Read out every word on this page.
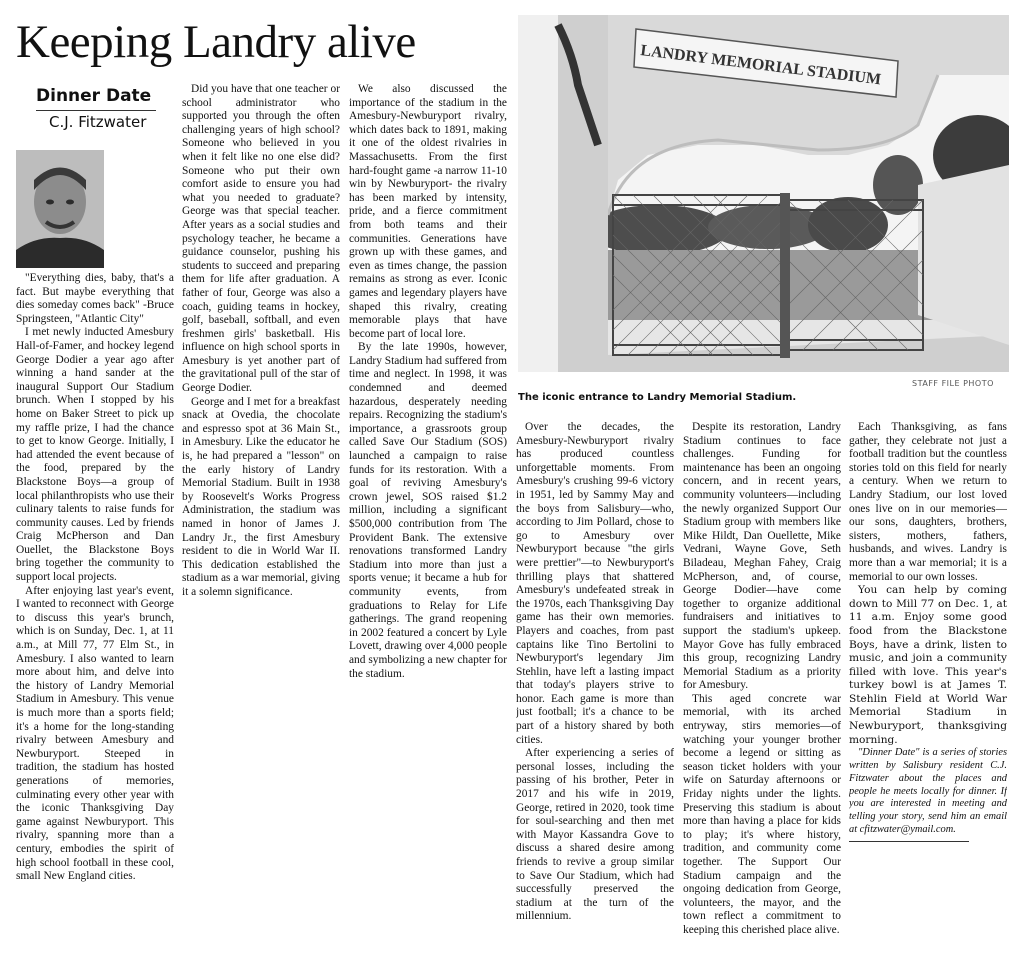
Keeping Landry alive
Dinner Date
C.J. Fitzwater
LANDRY MEMORIAL STADIUM
STAFF FILE PHOTO
The iconic entrance to Landry Memorial Stadium.

"Everything dies, baby, that's a fact. But maybe everything that dies someday comes back" -Bruce Springsteen, "Atlantic City"

I met newly inducted Amesbury Hall-of-Famer, and hockey legend George Dodier a year ago after winning a hand sander at the inaugural Support Our Stadium brunch. When I stopped by his home on Baker Street to pick up my raffle prize, I had the chance to get to know George. Initially, I had attended the event because of the food, prepared by the Blackstone Boys—a group of local philanthropists who use their culinary talents to raise funds for community causes. Led by friends Craig McPherson and Dan Ouellet, the Blackstone Boys bring together the community to support local projects.

After enjoying last year's event, I wanted to reconnect with George to discuss this year's brunch, which is on Sunday, Dec. 1, at 11 a.m., at Mill 77, 77 Elm St., in Amesbury. I also wanted to learn more about him, and delve into the history of Landry Memorial Stadium in Amesbury. This venue is much more than a sports field; it's a home for the long-standing rivalry between Amesbury and Newburyport. Steeped in tradition, the stadium has hosted generations of memories, culminating every other year with the iconic Thanksgiving Day game against Newburyport. This rivalry, spanning more than a century, embodies the spirit of high school football in these cool, small New England cities.

Did you have that one teacher or school administrator who supported you through the often challenging years of high school? Someone who believed in you when it felt like no one else did? Someone who put their own comfort aside to ensure you had what you needed to graduate? George was that special teacher. After years as a social studies and psychology teacher, he became a guidance counselor, pushing his students to succeed and preparing them for life after graduation. A father of four, George was also a coach, guiding teams in hockey, golf, baseball, softball, and even freshmen girls' basketball. His influence on high school sports in Amesbury is yet another part of the gravitational pull of the star of George Dodier.

George and I met for a breakfast snack at Ovedia, the chocolate and espresso spot at 36 Main St., in Amesbury. Like the educator he is, he had prepared a "lesson" on the early history of Landry Memorial Stadium. Built in 1938 by Roosevelt's Works Progress Administration, the stadium was named in honor of James J. Landry Jr., the first Amesbury resident to die in World War II. This dedication established the stadium as a war memorial, giving it a solemn significance.

We also discussed the importance of the stadium in the Amesbury-Newburyport rivalry, which dates back to 1891, making it one of the oldest rivalries in Massachusetts. From the first hard-fought game -a narrow 11-10 win by Newburyport- the rivalry has been marked by intensity, pride, and a fierce commitment from both teams and their communities. Generations have grown up with these games, and even as times change, the passion remains as strong as ever. Iconic games and legendary players have shaped this rivalry, creating memorable plays that have become part of local lore.

By the late 1990s, however, Landry Stadium had suffered from time and neglect. In 1998, it was condemned and deemed hazardous, desperately needing repairs. Recognizing the stadium's importance, a grassroots group called Save Our Stadium (SOS) launched a campaign to raise funds for its restoration. With a goal of reviving Amesbury's crown jewel, SOS raised $1.2 million, including a significant $500,000 contribution from The Provident Bank. The extensive renovations transformed Landry Stadium into more than just a sports venue; it became a hub for community events, from graduations to Relay for Life gatherings. The grand reopening in 2002 featured a concert by Lyle Lovett, drawing over 4,000 people and symbolizing a new chapter for the stadium.

Over the decades, the Amesbury-Newburyport rivalry has produced countless unforgettable moments. From Amesbury's crushing 99-6 victory in 1951, led by Sammy May and the boys from Salisbury—who, according to Jim Pollard, chose to go to Amesbury over Newburyport because "the girls were prettier"—to Newburyport's thrilling plays that shattered Amesbury's undefeated streak in the 1970s, each Thanksgiving Day game has their own memories. Players and coaches, from past captains like Tino Bertolini to Newburyport's legendary Jim Stehlin, have left a lasting impact that today's players strive to honor. Each game is more than just football; it's a chance to be part of a history shared by both cities.

After experiencing a series of personal losses, including the passing of his brother, Peter in 2017 and his wife in 2019, George, retired in 2020, took time for soul-searching and then met with Mayor Kassandra Gove to discuss a shared desire among friends to revive a group similar to Save Our Stadium, which had successfully preserved the stadium at the turn of the millennium.

Despite its restoration, Landry Stadium continues to face challenges. Funding for maintenance has been an ongoing concern, and in recent years, community volunteers—including the newly organized Support Our Stadium group with members like Mike Hildt, Dan Ouellette, Mike Vedrani, Wayne Gove, Seth Biladeau, Meghan Fahey, Craig McPherson, and, of course, George Dodier—have come together to organize additional fundraisers and initiatives to support the stadium's upkeep. Mayor Gove has fully embraced this group, recognizing Landry Memorial Stadium as a priority for Amesbury.

This aged concrete war memorial, with its arched entryway, stirs memories—of watching your younger brother become a legend or sitting as season ticket holders with your wife on Saturday afternoons or Friday nights under the lights. Preserving this stadium is about more than having a place for kids to play; it's where history, tradition, and community come together. The Support Our Stadium campaign and the ongoing dedication from George, volunteers, the mayor, and the town reflect a commitment to keeping this cherished place alive.

Each Thanksgiving, as fans gather, they celebrate not just a football tradition but the countless stories told on this field for nearly a century. When we return to Landry Stadium, our lost loved ones live on in our memories—our sons, daughters, brothers, sisters, mothers, fathers, husbands, and wives. Landry is more than a war memorial; it is a memorial to our own losses.

You can help by coming down to Mill 77 on Dec. 1, at 11 a.m. Enjoy some good food from the Blackstone Boys, have a drink, listen to music, and join a community filled with love. This year's turkey bowl is at James T. Stehlin Field at World War Memorial Stadium in Newburyport, thanksgiving morning.

"Dinner Date" is a series of stories written by Salisbury resident C.J. Fitzwater about the places and people he meets locally for dinner. If you are interested in meeting and telling your story, send him an email at cfitzwater@ymail.com.
